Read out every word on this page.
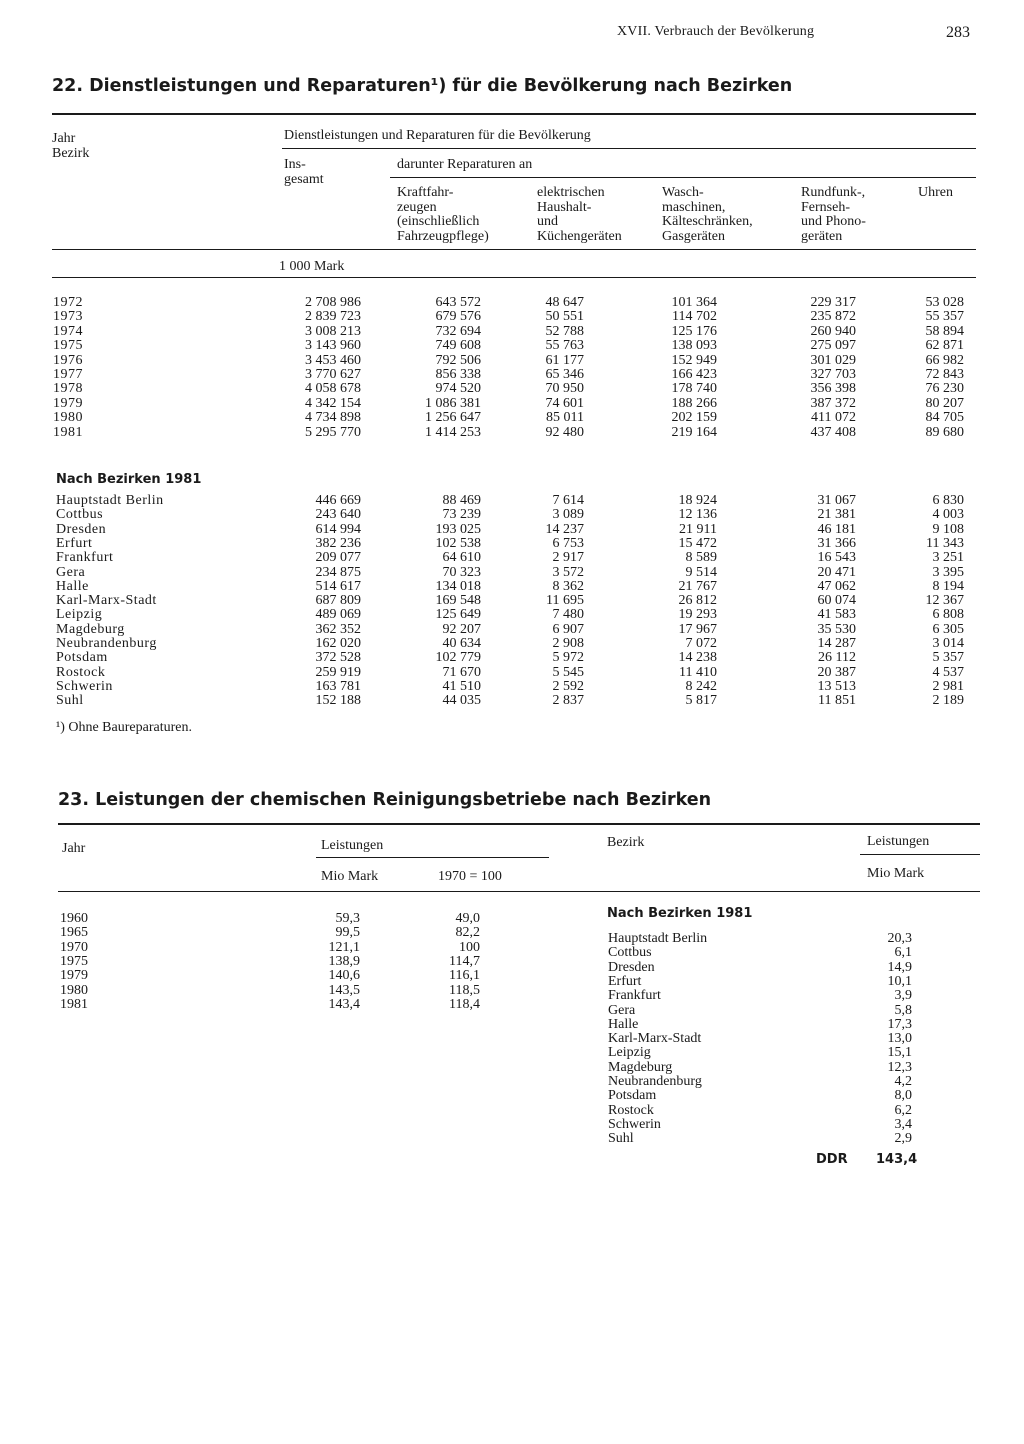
XVII. Verbrauch der Bevölkerung	283
22. Dienstleistungen und Reparaturen¹) für die Bevölkerung nach Bezirken
Jahr
Bezirk
Dienstleistungen und Reparaturen für die Bevölkerung
Ins-
gesamt
darunter Reparaturen an
Kraftfahr-
zeugen
(einschließlich
Fahrzeugpflege)
elektrischen
Haushalt-
und
Küchengeräten
Wasch-
maschinen,
Kälteschränken,
Gasgeräten
Rundfunk-,
Fernseh-
und Phono-
geräten
Uhren
1 000 Mark
1972	2 708 986	643 572	48 647	101 364	229 317	53 028
1973	2 839 723	679 576	50 551	114 702	235 872	55 357
1974	3 008 213	732 694	52 788	125 176	260 940	58 894
1975	3 143 960	749 608	55 763	138 093	275 097	62 871
1976	3 453 460	792 506	61 177	152 949	301 029	66 982
1977	3 770 627	856 338	65 346	166 423	327 703	72 843
1978	4 058 678	974 520	70 950	178 740	356 398	76 230
1979	4 342 154	1 086 381	74 601	188 266	387 372	80 207
1980	4 734 898	1 256 647	85 011	202 159	411 072	84 705
1981	5 295 770	1 414 253	92 480	219 164	437 408	89 680
Nach Bezirken 1981
Hauptstadt Berlin	446 669	88 469	7 614	18 924	31 067	6 830
Cottbus	243 640	73 239	3 089	12 136	21 381	4 003
Dresden	614 994	193 025	14 237	21 911	46 181	9 108
Erfurt	382 236	102 538	6 753	15 472	31 366	11 343
Frankfurt	209 077	64 610	2 917	8 589	16 543	3 251
Gera	234 875	70 323	3 572	9 514	20 471	3 395
Halle	514 617	134 018	8 362	21 767	47 062	8 194
Karl-Marx-Stadt	687 809	169 548	11 695	26 812	60 074	12 367
Leipzig	489 069	125 649	7 480	19 293	41 583	6 808
Magdeburg	362 352	92 207	6 907	17 967	35 530	6 305
Neubrandenburg	162 020	40 634	2 908	7 072	14 287	3 014
Potsdam	372 528	102 779	5 972	14 238	26 112	5 357
Rostock	259 919	71 670	5 545	11 410	20 387	4 537
Schwerin	163 781	41 510	2 592	8 242	13 513	2 981
Suhl	152 188	44 035	2 837	5 817	11 851	2 189
¹) Ohne Baureparaturen.
23. Leistungen der chemischen Reinigungsbetriebe nach Bezirken
Jahr	Leistungen
Mio Mark	1970 = 100
Bezirk	Leistungen
Mio Mark
1960	59,3	49,0
1965	99,5	82,2
1970	121,1	100
1975	138,9	114,7
1979	140,6	116,1
1980	143,5	118,5
1981	143,4	118,4
Nach Bezirken 1981
Hauptstadt Berlin	20,3
Cottbus	6,1
Dresden	14,9
Erfurt	10,1
Frankfurt	3,9
Gera	5,8
Halle	17,3
Karl-Marx-Stadt	13,0
Leipzig	15,1
Magdeburg	12,3
Neubrandenburg	4,2
Potsdam	8,0
Rostock	6,2
Schwerin	3,4
Suhl	2,9
DDR 143,4
